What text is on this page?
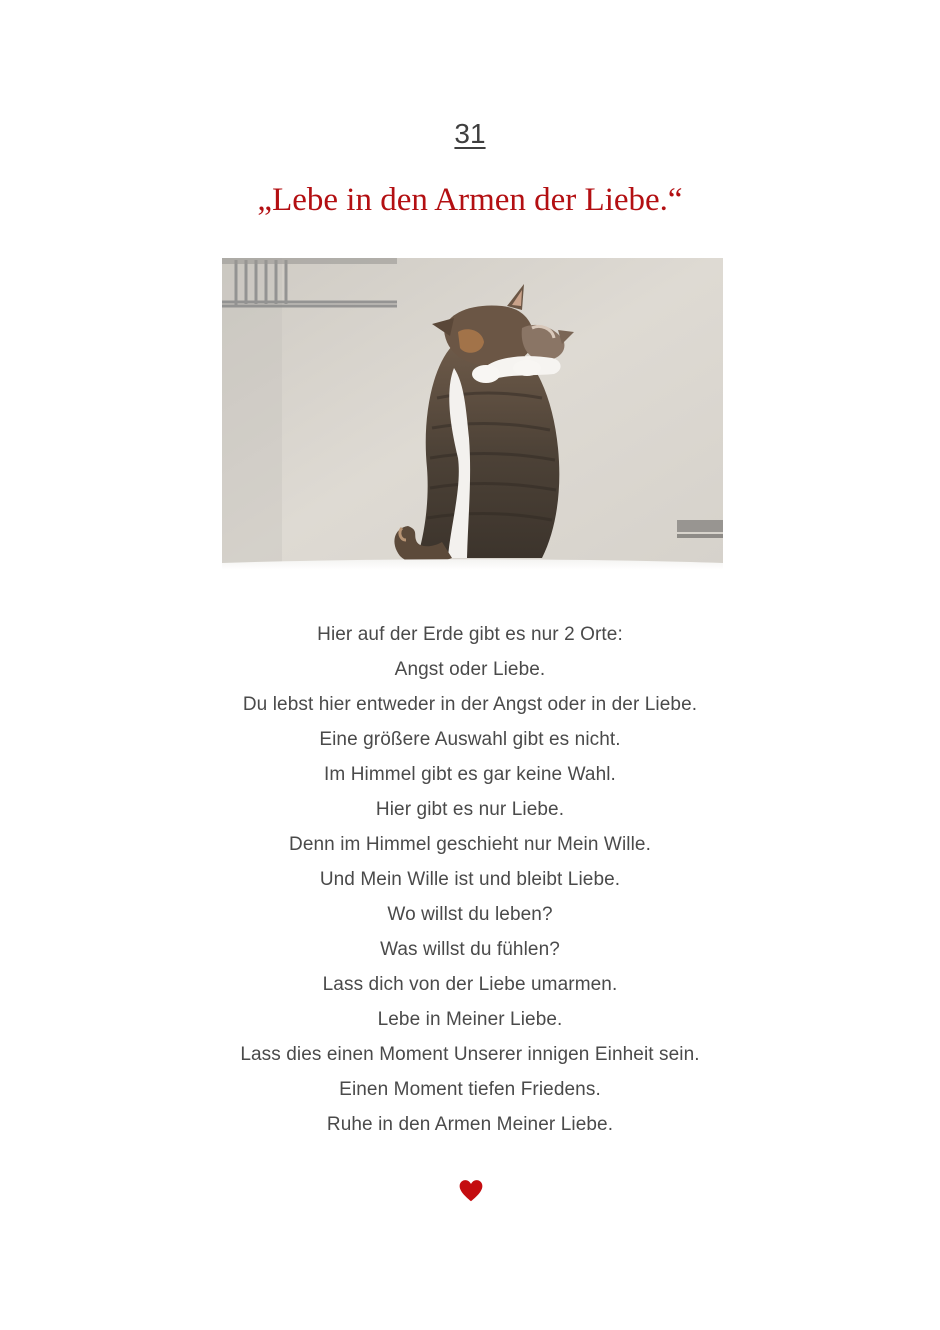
31
„Lebe in den Armen der Liebe.“
Hier auf der Erde gibt es nur 2 Orte:
Angst oder Liebe.
Du lebst hier entweder in der Angst oder in der Liebe.
Eine größere Auswahl gibt es nicht.
Im Himmel gibt es gar keine Wahl.
Hier gibt es nur Liebe.
Denn im Himmel geschieht nur Mein Wille.
Und Mein Wille ist und bleibt Liebe.
Wo willst du leben?
Was willst du fühlen?
Lass dich von der Liebe umarmen.
Lebe in Meiner Liebe.
Lass dies einen Moment Unserer innigen Einheit sein.
Einen Moment tiefen Friedens.
Ruhe in den Armen Meiner Liebe.
